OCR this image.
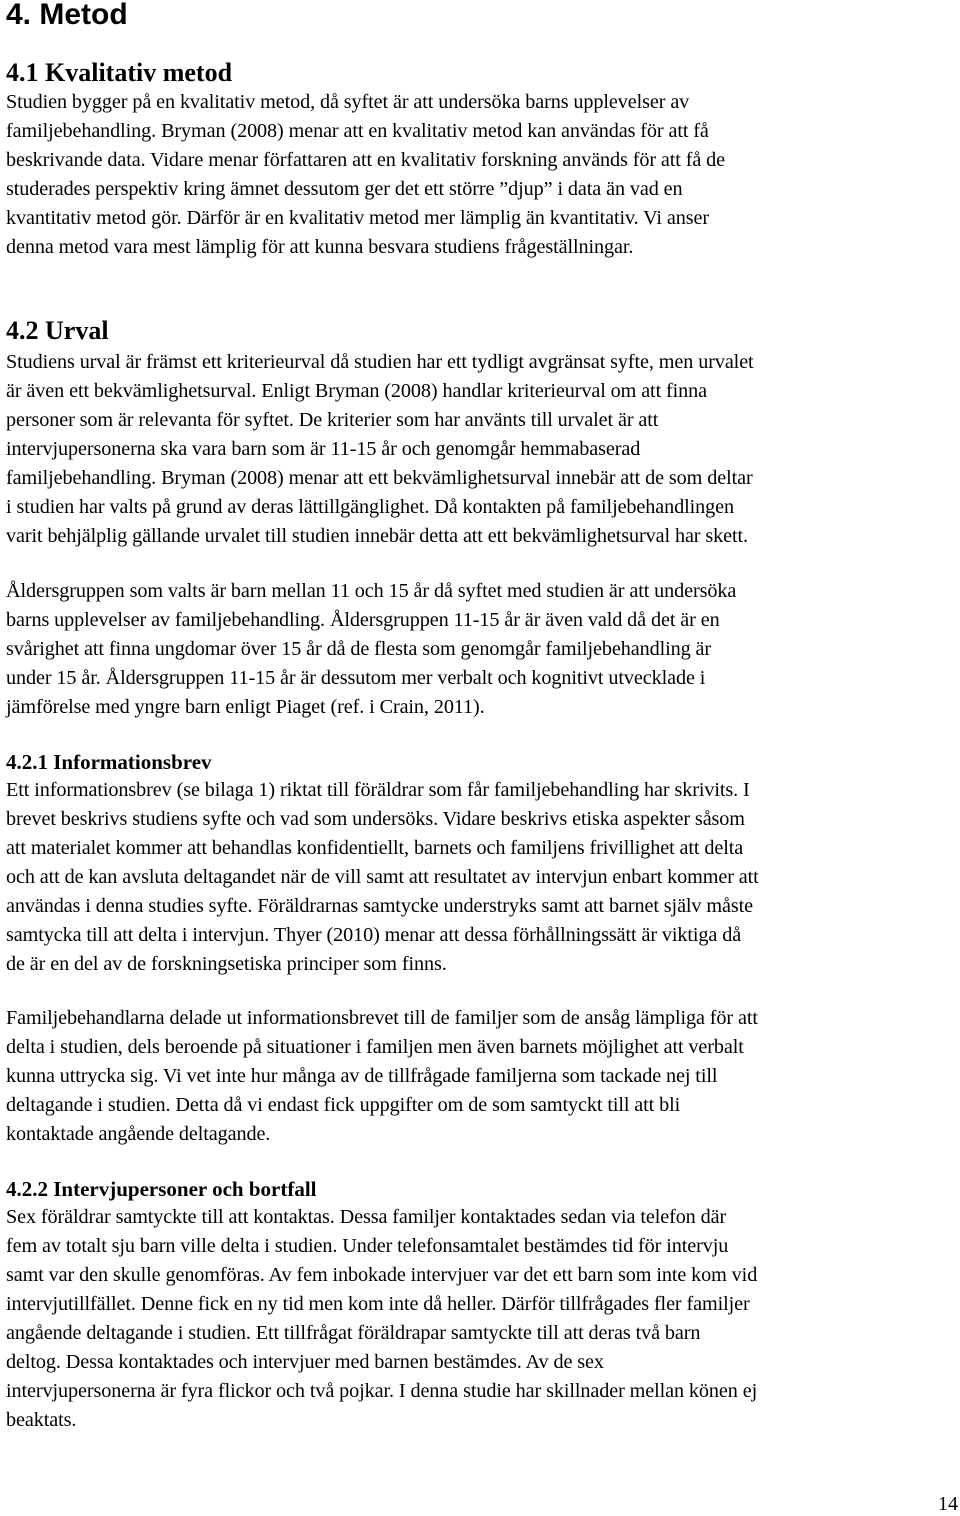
4. Metod
4.1 Kvalitativ metod

Studien bygger på en kvalitativ metod, då syftet är att undersöka barns upplevelser av
familjebehandling. Bryman (2008) menar att en kvalitativ metod kan användas för att få
beskrivande data. Vidare menar författaren att en kvalitativ forskning används för att få de
studerades perspektiv kring ämnet dessutom ger det ett större ”djup” i data än vad en
kvantitativ metod gör. Därför är en kvalitativ metod mer lämplig än kvantitativ. Vi anser
denna metod vara mest lämplig för att kunna besvara studiens frågeställningar.

4.2 Urval

Studiens urval är främst ett kriterieurval då studien har ett tydligt avgränsat syfte, men urvalet
är även ett bekvämlighetsurval. Enligt Bryman (2008) handlar kriterieurval om att finna
personer som är relevanta för syftet. De kriterier som har använts till urvalet är att
intervjupersonerna ska vara barn som är 11-15 år och genomgår hemmabaserad
familjebehandling. Bryman (2008) menar att ett bekvämlighetsurval innebär att de som deltar
i studien har valts på grund av deras lättillgänglighet. Då kontakten på familjebehandlingen
varit behjälplig gällande urvalet till studien innebär detta att ett bekvämlighetsurval har skett.

Åldersgruppen som valts är barn mellan 11 och 15 år då syftet med studien är att undersöka
barns upplevelser av familjebehandling. Åldersgruppen 11-15 år är även vald då det är en
svårighet att finna ungdomar över 15 år då de flesta som genomgår familjebehandling är
under 15 år. Åldersgruppen 11-15 år är dessutom mer verbalt och kognitivt utvecklade i
jämförelse med yngre barn enligt Piaget (ref. i Crain, 2011).

4.2.1 Informationsbrev

Ett informationsbrev (se bilaga 1) riktat till föräldrar som får familjebehandling har skrivits. I
brevet beskrivs studiens syfte och vad som undersöks. Vidare beskrivs etiska aspekter såsom
att materialet kommer att behandlas konfidentiellt, barnets och familjens frivillighet att delta
och att de kan avsluta deltagandet när de vill samt att resultatet av intervjun enbart kommer att
användas i denna studies syfte. Föräldrarnas samtycke understryks samt att barnet själv måste
samtycka till att delta i intervjun. Thyer (2010) menar att dessa förhållningssätt är viktiga då
de är en del av de forskningsetiska principer som finns.

Familjebehandlarna delade ut informationsbrevet till de familjer som de ansåg lämpliga för att
delta i studien, dels beroende på situationer i familjen men även barnets möjlighet att verbalt
kunna uttrycka sig. Vi vet inte hur många av de tillfrågade familjerna som tackade nej till
deltagande i studien. Detta då vi endast fick uppgifter om de som samtyckt till att bli
kontaktade angående deltagande.

4.2.2 Intervjupersoner och bortfall

Sex föräldrar samtyckte till att kontaktas. Dessa familjer kontaktades sedan via telefon där
fem av totalt sju barn ville delta i studien. Under telefonsamtalet bestämdes tid för intervju
samt var den skulle genomföras. Av fem inbokade intervjuer var det ett barn som inte kom vid
intervjutillfället. Denne fick en ny tid men kom inte då heller. Därför tillfrågades fler familjer
angående deltagande i studien. Ett tillfrågat föräldrapar samtyckte till att deras två barn
deltog. Dessa kontaktades och intervjuer med barnen bestämdes. Av de sex
intervjupersonerna är fyra flickor och två pojkar. I denna studie har skillnader mellan könen ej
beaktats.

14
